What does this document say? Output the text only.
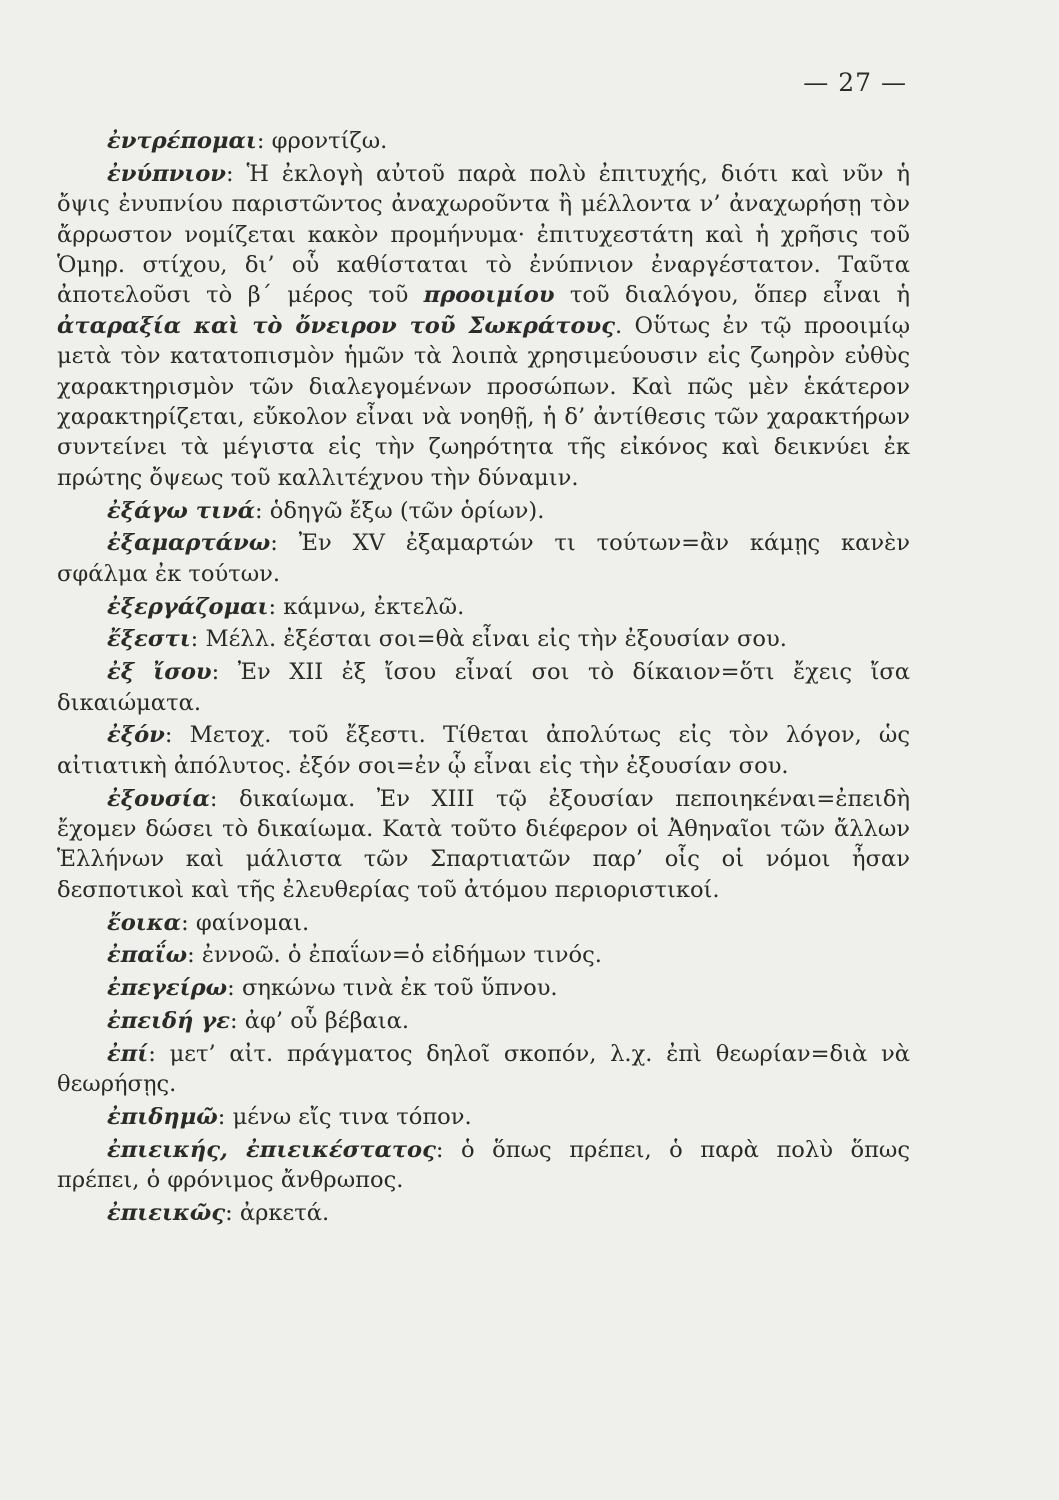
— 27 —

ἐντρέπομαι: φροντίζω.

ἐνύπνιον: Ἡ ἐκλογὴ αὐτοῦ παρὰ πολὺ ἐπιτυχής, διότι καὶ νῦν ἡ ὄψις ἐνυπνίου παριστῶντος ἀναχωροῦντα ἢ μέλλοντα ν’ ἀναχωρήσῃ τὸν ἄρρωστον νομίζεται κακὸν προμήνυμα· ἐπιτυχεστάτη καὶ ἡ χρῆσις τοῦ Ὁμηρ. στίχου, δι’ οὗ καθίσταται τὸ ἐνύπνιον ἐναργέστατον. Ταῦτα ἀποτελοῦσι τὸ β΄ μέρος τοῦ προοιμίου τοῦ διαλόγου, ὅπερ εἶναι ἡ ἀταραξία καὶ τὸ ὄνειρον τοῦ Σωκράτους. Οὕτως ἐν τῷ προοιμίῳ μετὰ τὸν κατατοπισμὸν ἡμῶν τὰ λοιπὰ χρησιμεύουσιν εἰς ζωηρὸν εὐθὺς χαρακτηρισμὸν τῶν διαλεγομένων προσώπων. Καὶ πῶς μὲν ἑκάτερον χαρακτηρίζεται, εὔκολον εἶναι νὰ νοηθῇ, ἡ δ’ ἀντίθεσις τῶν χαρακτήρων συντείνει τὰ μέγιστα εἰς τὴν ζωηρότητα τῆς εἰκόνος καὶ δεικνύει ἐκ πρώτης ὄψεως τοῦ καλλιτέχνου τὴν δύναμιν.

ἐξάγω τινά: ὁδηγῶ ἔξω (τῶν ὁρίων).

ἐξαμαρτάνω: Ἐν XV ἐξαμαρτών τι τούτων=ἂν κάμῃς κανὲν σφάλμα ἐκ τούτων.

ἐξεργάζομαι: κάμνω, ἐκτελῶ.

ἔξεστι: Μέλλ. ἐξέσται σοι=θὰ εἶναι εἰς τὴν ἐξουσίαν σου.

ἐξ ἴσου: Ἐν XII ἐξ ἴσου εἶναί σοι τὸ δίκαιον=ὅτι ἔχεις ἴσα δικαιώματα.

ἐξόν: Μετοχ. τοῦ ἔξεστι. Τίθεται ἀπολύτως εἰς τὸν λόγον, ὡς αἰτιατικὴ ἀπόλυτος. ἐξόν σοι=ἐν ᾧ εἶναι εἰς τὴν ἐξουσίαν σου.

ἐξουσία: δικαίωμα. Ἐν XIII τῷ ἐξουσίαν πεποιηκέναι=ἐπειδὴ ἔχομεν δώσει τὸ δικαίωμα. Κατὰ τοῦτο διέφερον οἱ Ἀθηναῖοι τῶν ἄλλων Ἑλλήνων καὶ μάλιστα τῶν Σπαρτιατῶν παρ’ οἷς οἱ νόμοι ἦσαν δεσποτικοὶ καὶ τῆς ἐλευθερίας τοῦ ἀτόμου περιοριστικοί.

ἔοικα: φαίνομαι.

ἐπαΐω: ἐννοῶ. ὁ ἐπαΐων=ὁ εἰδήμων τινός.

ἐπεγείρω: σηκώνω τινὰ ἐκ τοῦ ὕπνου.

ἐπειδή γε: ἀφ’ οὗ βέβαια.

ἐπί: μετ’ αἰτ. πράγματος δηλοῖ σκοπόν, λ.χ. ἐπὶ θεωρίαν=διὰ νὰ θεωρήσῃς.

ἐπιδημῶ: μένω εἴς τινα τόπον.

ἐπιεικής, ἐπιεικέστατος: ὁ ὅπως πρέπει, ὁ παρὰ πολὺ ὅπως πρέπει, ὁ φρόνιμος ἄνθρωπος.

ἐπιεικῶς: ἀρκετά.
